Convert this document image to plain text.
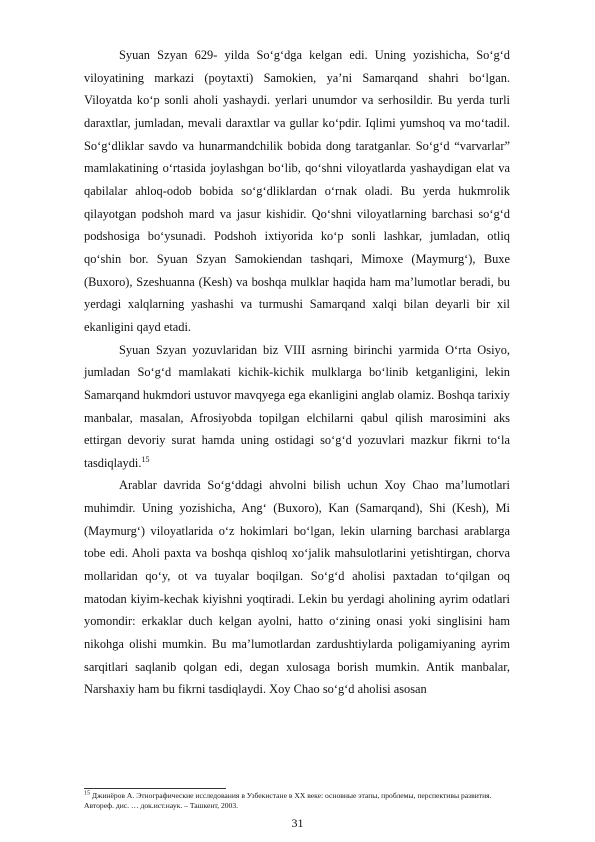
Syuan Szyan 629- yilda So‘g‘dga kelgan edi. Uning yozishicha, So‘g‘d viloyatining markazi (poytaxti) Samokien, ya’ni Samarqand shahri bo‘lgan. Viloyatda ko‘p sonli aholi yashaydi. yerlari unumdor va serhosildir. Bu yerda turli daraxtlar, jumladan, mevali daraxtlar va gullar ko‘pdir. Iqlimi yumshoq va mo‘tadil. So‘g‘dliklar savdo va hunarmandchilik bobida dong taratganlar. So‘g‘d “varvarlar” mamlakatining o‘rtasida joylashgan bo‘lib, qo‘shni viloyatlarda yashaydigan elat va qabilalar ahloq-odob bobida so‘g‘dliklardan o‘rnak oladi. Bu yerda hukmrolik qilayotgan podshoh mard va jasur kishidir. Qo‘shni viloyatlarning barchasi so‘g‘d podshosiga bo‘ysunadi. Podshoh ixtiyorida ko‘p sonli lashkar, jumladan, otliq qo‘shin bor. Syuan Szyan Samokiendan tashqari, Mimoxe (Maymurg‘), Buxe (Buxoro), Szeshuanna (Kesh) va boshqa mulklar haqida ham ma’lumotlar beradi, bu yerdagi xalqlarning yashashi va turmushi Samarqand xalqi bilan deyarli bir xil ekanligini qayd etadi.

Syuan Szyan yozuvlaridan biz VIII asrning birinchi yarmida O‘rta Osiyo, jumladan So‘g‘d mamlakati kichik-kichik mulklarga bo‘linib ketganligini, lekin Samarqand hukmdori ustuvor mavqyega ega ekanligini anglab olamiz. Boshqa tarixiy manbalar, masalan, Afrosiyobda topilgan elchilarni qabul qilish marosimini aks ettirgan devoriy surat hamda uning ostidagi so‘g‘d yozuvlari mazkur fikrni to‘la tasdiqlaydi.$^{15}$

Arablar davrida So‘g‘ddagi ahvolni bilish uchun Xoy Chao ma’lumotlari muhimdir. Uning yozishicha, Ang‘ (Buxoro), Kan (Samarqand), Shi (Kesh), Mi (Maymurg‘) viloyatlarida o‘z hokimlari bo‘lgan, lekin ularning barchasi arablarga tobe edi. Aholi paxta va boshqa qishloq xo‘jalik mahsulotlarini yetishtirgan, chorva mollaridan qo‘y, ot va tuyalar boqilgan. So‘g‘d aholisi paxtadan to‘qilgan oq matodan kiyim-kechak kiyishni yoqtiradi. Lekin bu yerdagi aholining ayrim odatlari yomondir: erkaklar duch kelgan ayolni, hatto o‘zining onasi yoki singlisini ham nikohga olishi mumkin. Bu ma’lumotlardan zardushtiylarda poligamiyaning ayrim sarqitlari saqlanib qolgan edi, degan xulosaga borish mumkin. Antik manbalar, Narshaxiy ham bu fikrni tasdiqlaydi. Xoy Chao so‘g‘d aholisi asosan

$^{15}$ Джинёров А. Этнографические исследования в Узбекистане в XX веке: основные этапы, проблемы, перспективы развития. Автореф. дис. … док.ист.наук. – Ташкент, 2003.
31
